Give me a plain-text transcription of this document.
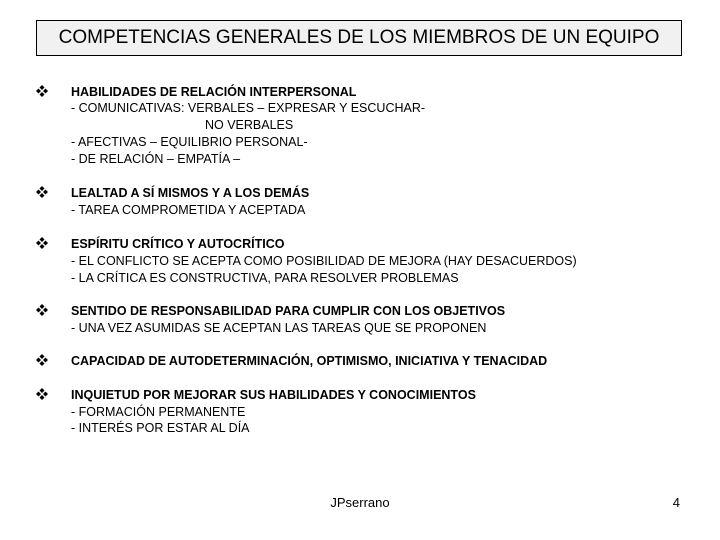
COMPETENCIAS GENERALES DE LOS MIEMBROS DE UN EQUIPO
HABILIDADES DE RELACIÓN INTERPERSONAL
- COMUNICATIVAS: VERBALES – EXPRESAR Y ESCUCHAR-
NO VERBALES
- AFECTIVAS – EQUILIBRIO PERSONAL-
- DE RELACIÓN – EMPATÍA –
LEALTAD A SÍ MISMOS Y A LOS DEMÁS
- TAREA COMPROMETIDA Y ACEPTADA
ESPÍRITU CRÍTICO Y AUTOCRÍTICO
- EL CONFLICTO SE ACEPTA COMO POSIBILIDAD DE MEJORA (HAY DESACUERDOS)
- LA CRÍTICA ES CONSTRUCTIVA, PARA RESOLVER PROBLEMAS
SENTIDO DE RESPONSABILIDAD PARA CUMPLIR CON LOS OBJETIVOS
- UNA VEZ ASUMIDAS SE ACEPTAN LAS TAREAS QUE SE PROPONEN
CAPACIDAD DE AUTODETERMINACIÓN, OPTIMISMO, INICIATIVA Y TENACIDAD
INQUIETUD POR MEJORAR SUS HABILIDADES Y CONOCIMIENTOS
- FORMACIÓN PERMANENTE
- INTERÉS POR ESTAR AL DÍA
JPserrano	4
